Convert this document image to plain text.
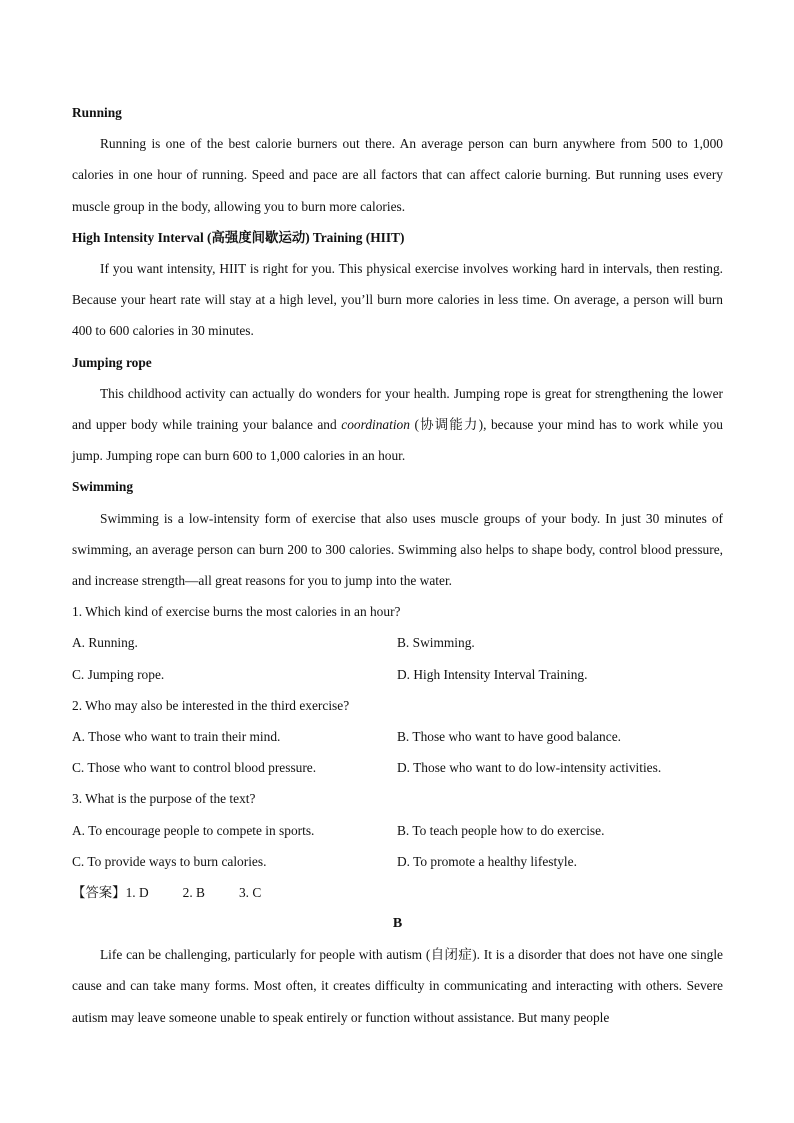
Running

Running is one of the best calorie burners out there. An average person can burn anywhere from 500 to 1,000 calories in one hour of running. Speed and pace are all factors that can affect calorie burning. But running uses every muscle group in the body, allowing you to burn more calories.

High Intensity Interval (高强度间歇运动) Training (HIIT)

If you want intensity, HIIT is right for you. This physical exercise involves working hard in intervals, then resting. Because your heart rate will stay at a high level, you’ll burn more calories in less time. On average, a person will burn 400 to 600 calories in 30 minutes.

Jumping rope

This childhood activity can actually do wonders for your health. Jumping rope is great for strengthening the lower and upper body while training your balance and coordination (协调能力), because your mind has to work while you jump. Jumping rope can burn 600 to 1,000 calories in an hour.

Swimming

Swimming is a low-intensity form of exercise that also uses muscle groups of your body. In just 30 minutes of swimming, an average person can burn 200 to 300 calories. Swimming also helps to shape body, control blood pressure, and increase strength—all great reasons for you to jump into the water.

1. Which kind of exercise burns the most calories in an hour?
A. Running.	B. Swimming.
C. Jumping rope.	D. High Intensity Interval Training.
2. Who may also be interested in the third exercise?
A. Those who want to train their mind.	B. Those who want to have good balance.
C. Those who want to control blood pressure.	D. Those who want to do low-intensity activities.
3. What is the purpose of the text?
A. To encourage people to compete in sports.	B. To teach people how to do exercise.
C. To provide ways to burn calories.	D. To promote a healthy lifestyle.
【答案】1. D	2. B	3. C
B

Life can be challenging, particularly for people with autism (自闭症). It is a disorder that does not have one single cause and can take many forms. Most often, it creates difficulty in communicating and interacting with others. Severe autism may leave someone unable to speak entirely or function without assistance. But many people
